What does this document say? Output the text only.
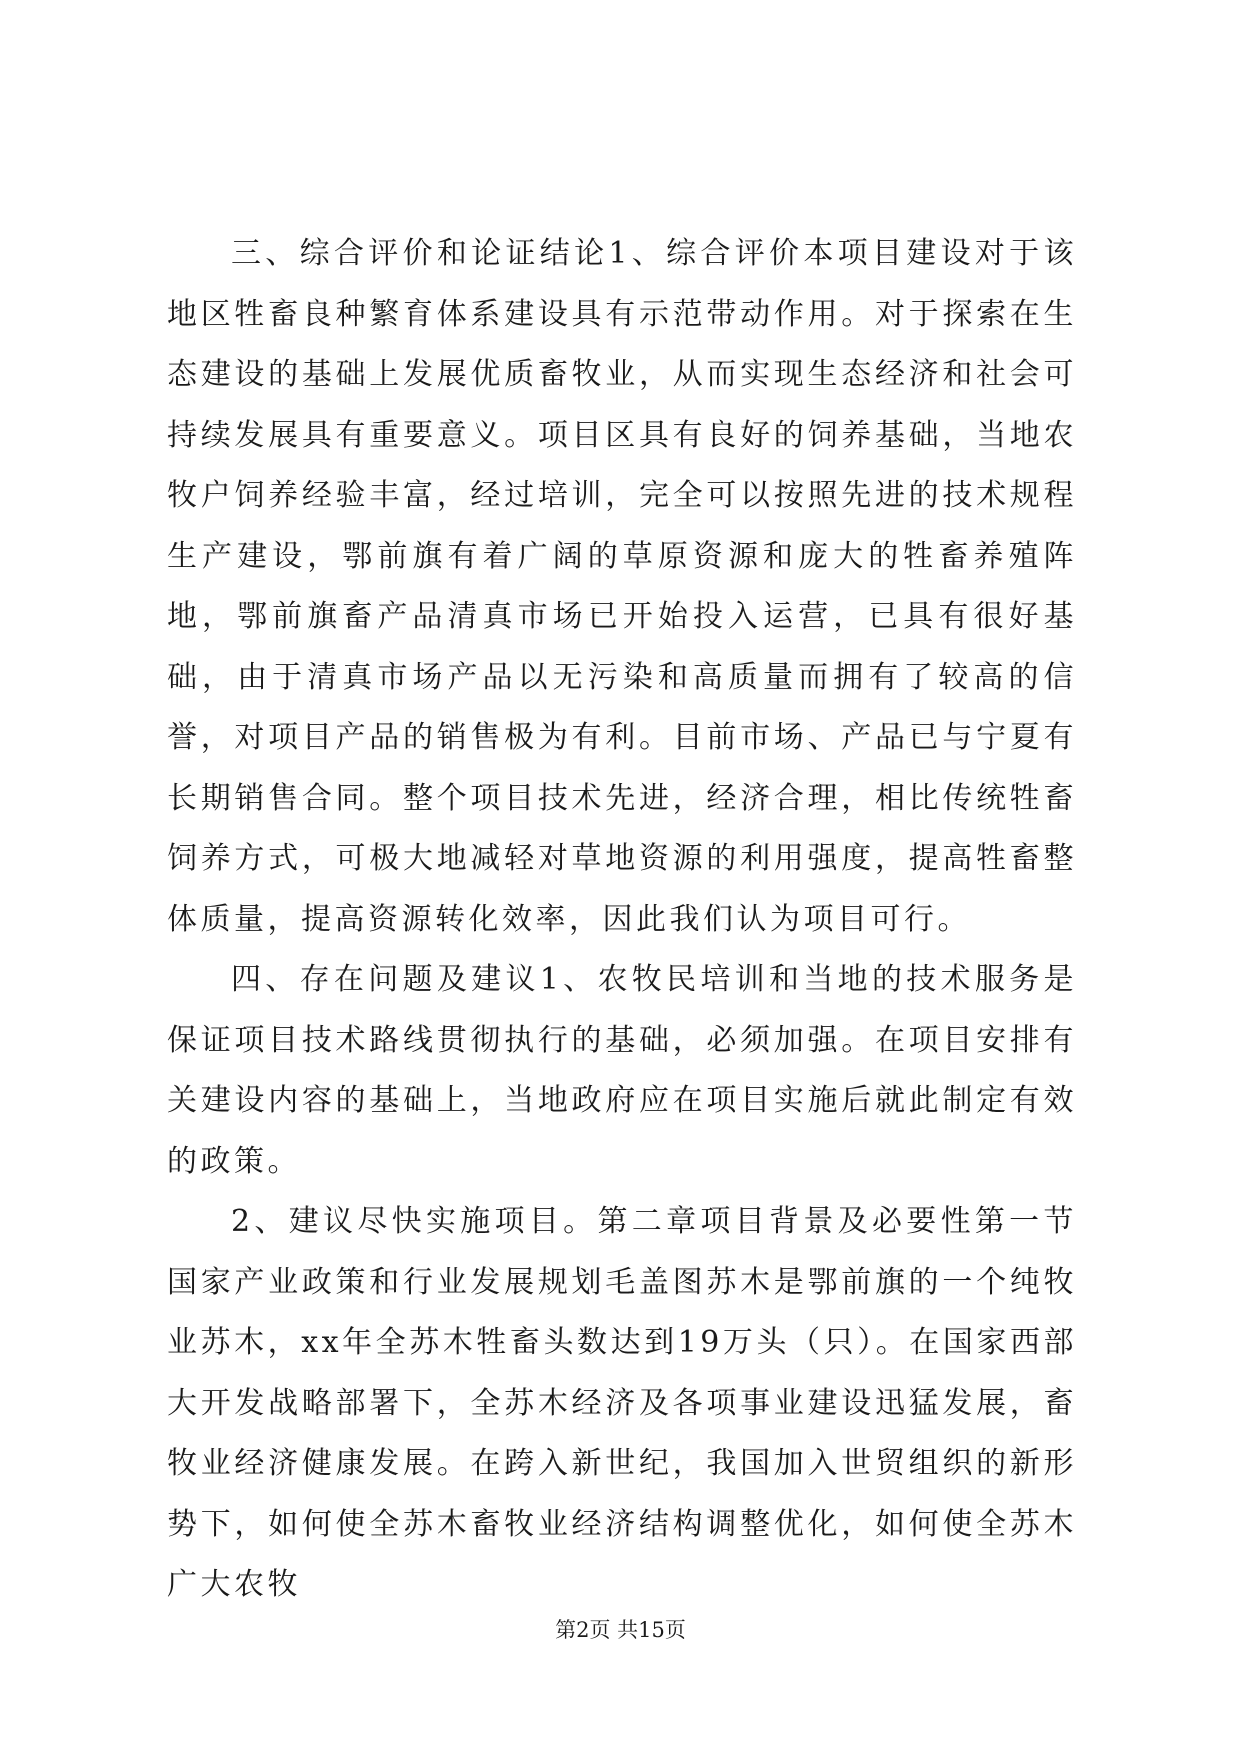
三、综合评价和论证结论1、综合评价本项目建设对于该地区牲畜良种繁育体系建设具有示范带动作用。对于探索在生态建设的基础上发展优质畜牧业，从而实现生态经济和社会可持续发展具有重要意义。项目区具有良好的饲养基础，当地农牧户饲养经验丰富，经过培训，完全可以按照先进的技术规程生产建设，鄂前旗有着广阔的草原资源和庞大的牲畜养殖阵地，鄂前旗畜产品清真市场已开始投入运营，已具有很好基础，由于清真市场产品以无污染和高质量而拥有了较高的信誉，对项目产品的销售极为有利。目前市场、产品已与宁夏有长期销售合同。整个项目技术先进，经济合理，相比传统牲畜饲养方式，可极大地减轻对草地资源的利用强度，提高牲畜整体质量，提高资源转化效率，因此我们认为项目可行。

四、存在问题及建议1、农牧民培训和当地的技术服务是保证项目技术路线贯彻执行的基础，必须加强。在项目安排有关建设内容的基础上，当地政府应在项目实施后就此制定有效的政策。

2、建议尽快实施项目。第二章项目背景及必要性第一节国家产业政策和行业发展规划毛盖图苏木是鄂前旗的一个纯牧业苏木，xx年全苏木牲畜头数达到19万头（只）。在国家西部大开发战略部署下，全苏木经济及各项事业建设迅猛发展，畜牧业经济健康发展。在跨入新世纪，我国加入世贸组织的新形势下，如何使全苏木畜牧业经济结构调整优化，如何使全苏木广大农牧

第2页 共15页
